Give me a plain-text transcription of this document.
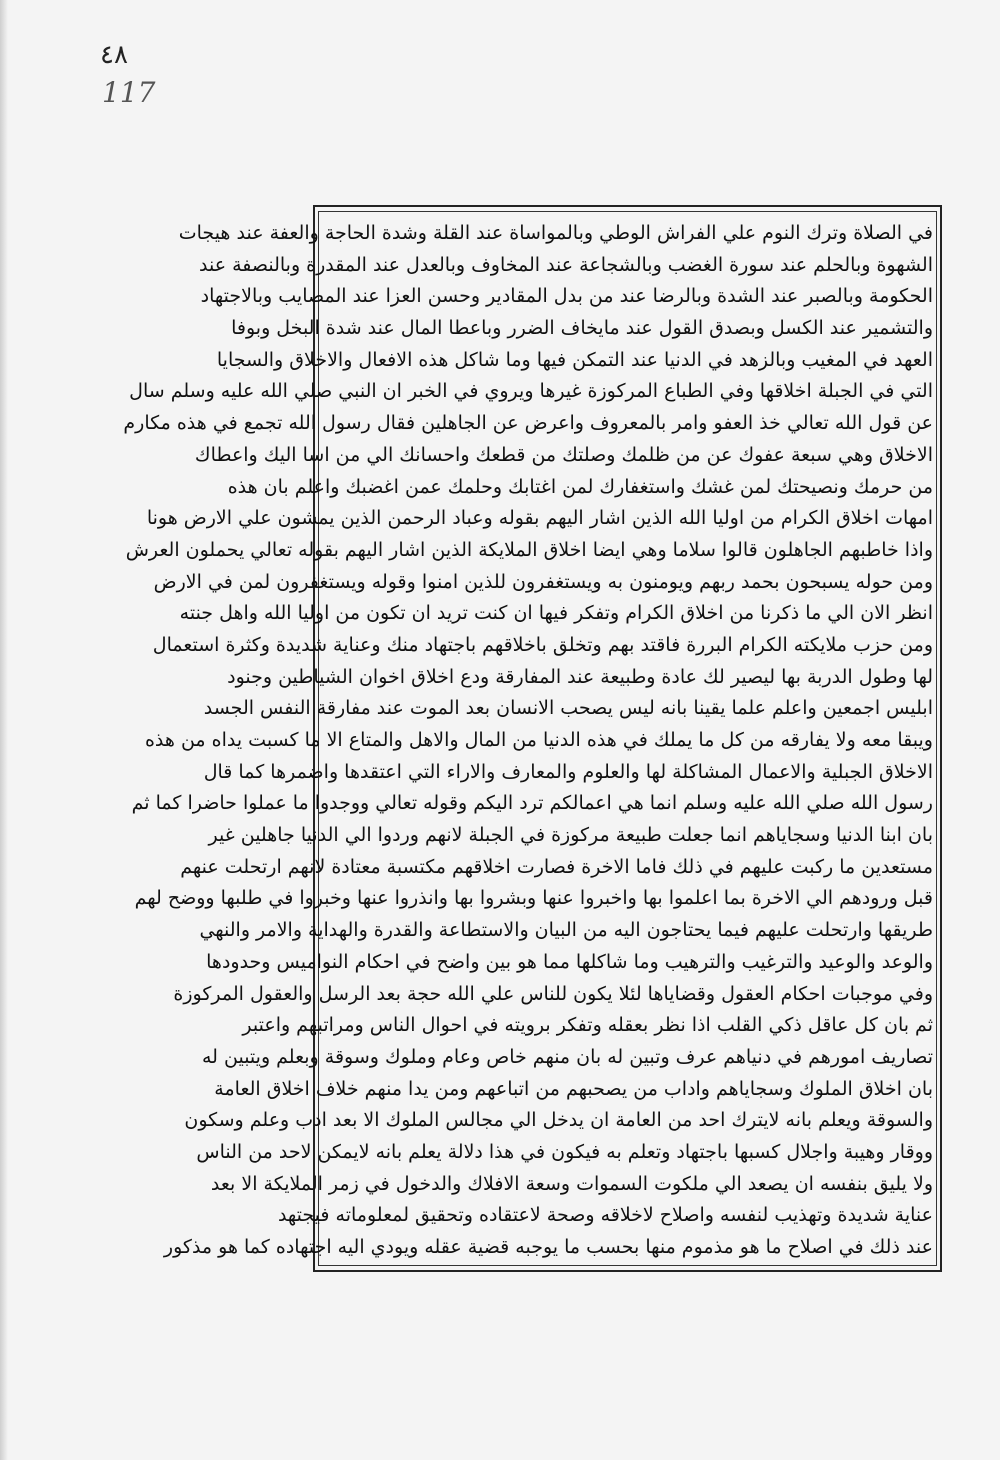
٤٨
117
في الصلاة وترك النوم علي الفراش الوطي وبالمواساة عند القلة وشدة الحاجة والعفة عند هيجات
الشهوة وبالحلم عند سورة الغضب وبالشجاعة عند المخاوف وبالعدل عند المقدرة وبالنصفة عند
الحكومة وبالصبر عند الشدة وبالرضا عند من بدل المقادير وحسن العزا عند المصايب وبالاجتهاد
والتشمير عند الكسل وبصدق القول عند مايخاف الضرر وباعطا المال عند شدة البخل وبوفا
العهد في المغيب وبالزهد في الدنيا عند التمكن فيها وما شاكل هذه الافعال والاخلاق والسجايا
التي في الجبلة اخلاقها وفي الطباع المركوزة غيرها ويروي في الخبر ان النبي صلي الله عليه وسلم سال
عن قول الله تعالي خذ العفو وامر بالمعروف واعرض عن الجاهلين فقال رسول الله تجمع في هذه مكارم
الاخلاق وهي سبعة عفوك عن من ظلمك وصلتك من قطعك واحسانك الي من اسا اليك واعطاك
من حرمك ونصيحتك لمن غشك واستغفارك لمن اغتابك وحلمك عمن اغضبك واعلم بان هذه
امهات اخلاق الكرام من اوليا الله الذين اشار اليهم بقوله وعباد الرحمن الذين يمشون علي الارض هونا
واذا خاطبهم الجاهلون قالوا سلاما وهي ايضا اخلاق الملايكة الذين اشار اليهم بقوله تعالي يحملون العرش
ومن حوله يسبحون بحمد ربهم ويومنون به ويستغفرون للذين امنوا وقوله ويستغفرون لمن في الارض
انظر الان الي ما ذكرنا من اخلاق الكرام وتفكر فيها ان كنت تريد ان تكون من اوليا الله واهل جنته
ومن حزب ملايكته الكرام البررة فاقتد بهم وتخلق باخلاقهم باجتهاد منك وعناية شديدة وكثرة استعمال
لها وطول الدربة بها ليصير لك عادة وطبيعة عند المفارقة ودع اخلاق اخوان الشياطين وجنود
ابليس اجمعين واعلم علما يقينا بانه ليس يصحب الانسان بعد الموت عند مفارقة النفس الجسد
ويبقا معه ولا يفارقه من كل ما يملك في هذه الدنيا من المال والاهل والمتاع الا ما كسبت يداه من هذه
الاخلاق الجبلية والاعمال المشاكلة لها والعلوم والمعارف والاراء التي اعتقدها واضمرها كما قال
رسول الله صلي الله عليه وسلم انما هي اعمالكم ترد اليكم وقوله تعالي ووجدوا ما عملوا حاضرا كما ثم
بان ابنا الدنيا وسجاياهم انما جعلت طبيعة مركوزة في الجبلة لانهم وردوا الي الدنيا جاهلين غير
مستعدين ما ركبت عليهم في ذلك فاما الاخرة فصارت اخلاقهم مكتسبة معتادة لانهم ارتحلت عنهم
قبل ورودهم الي الاخرة بما اعلموا بها واخبروا عنها وبشروا بها وانذروا عنها وخبروا في طلبها ووضح لهم
طريقها وارتحلت عليهم فيما يحتاجون اليه من البيان والاستطاعة والقدرة والهداية والامر والنهي
والوعد والوعيد والترغيب والترهيب وما شاكلها مما هو بين واضح في احكام النواميس وحدودها
وفي موجبات احكام العقول وقضاياها لئلا يكون للناس علي الله حجة بعد الرسل والعقول المركوزة
ثم بان كل عاقل ذكي القلب اذا نظر بعقله وتفكر برويته في احوال الناس ومراتبهم واعتبر
تصاريف امورهم في دنياهم عرف وتبين له بان منهم خاص وعام وملوك وسوقة وبعلم ويتبين له
بان اخلاق الملوك وسجاياهم واداب من يصحبهم من اتباعهم ومن يدا منهم خلاف اخلاق العامة
والسوقة ويعلم بانه لايترك احد من العامة ان يدخل الي مجالس الملوك الا بعد ادب وعلم وسكون
ووقار وهيبة واجلال كسبها باجتهاد وتعلم به فيكون في هذا دلالة يعلم بانه لايمكن لاحد من الناس
ولا يليق بنفسه ان يصعد الي ملكوت السموات وسعة الافلاك والدخول في زمر الملايكة الا بعد
عناية شديدة وتهذيب لنفسه واصلاح لاخلاقه وصحة لاعتقاده وتحقيق لمعلوماته فيجتهد
عند ذلك في اصلاح ما هو مذموم منها بحسب ما يوجبه قضية عقله ويودي اليه اجتهاده كما هو مذكور
